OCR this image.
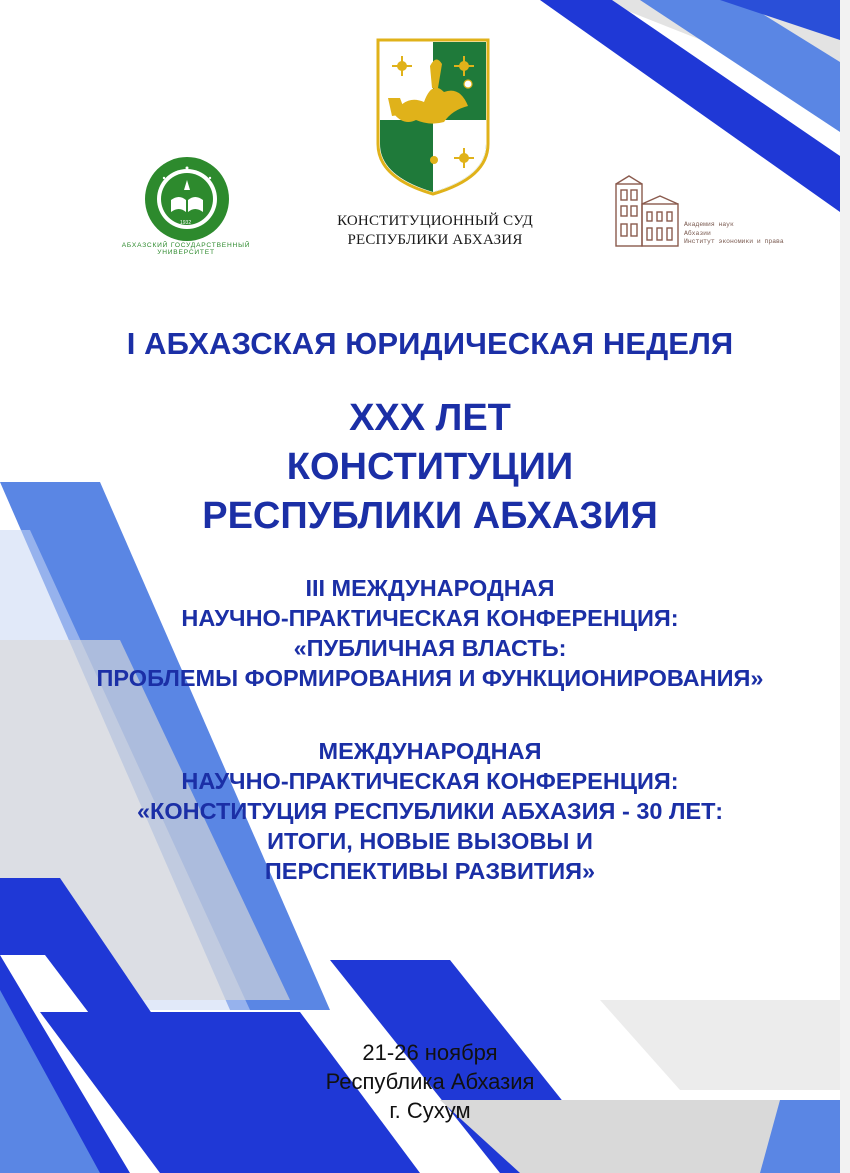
КОНСТИТУЦИОННЫЙ СУД
РЕСПУБЛИКИ АБХАЗИЯ
1932
АБХАЗСКИЙ ГОСУДАРСТВЕННЫЙ УНИВЕРСИТЕТ
Академия наук
Абхазии
Институт экономики и права
I АБХАЗСКАЯ ЮРИДИЧЕСКАЯ НЕДЕЛЯ
XXX ЛЕТ
КОНСТИТУЦИИ
РЕСПУБЛИКИ АБХАЗИЯ
III МЕЖДУНАРОДНАЯ
НАУЧНО-ПРАКТИЧЕСКАЯ КОНФЕРЕНЦИЯ:
«ПУБЛИЧНАЯ ВЛАСТЬ:
ПРОБЛЕМЫ ФОРМИРОВАНИЯ И ФУНКЦИОНИРОВАНИЯ»
МЕЖДУНАРОДНАЯ
НАУЧНО-ПРАКТИЧЕСКАЯ КОНФЕРЕНЦИЯ:
«КОНСТИТУЦИЯ РЕСПУБЛИКИ АБХАЗИЯ - 30 ЛЕТ:
ИТОГИ, НОВЫЕ ВЫЗОВЫ И
ПЕРСПЕКТИВЫ РАЗВИТИЯ»
21-26 ноября
Республика Абхазия
г. Сухум
